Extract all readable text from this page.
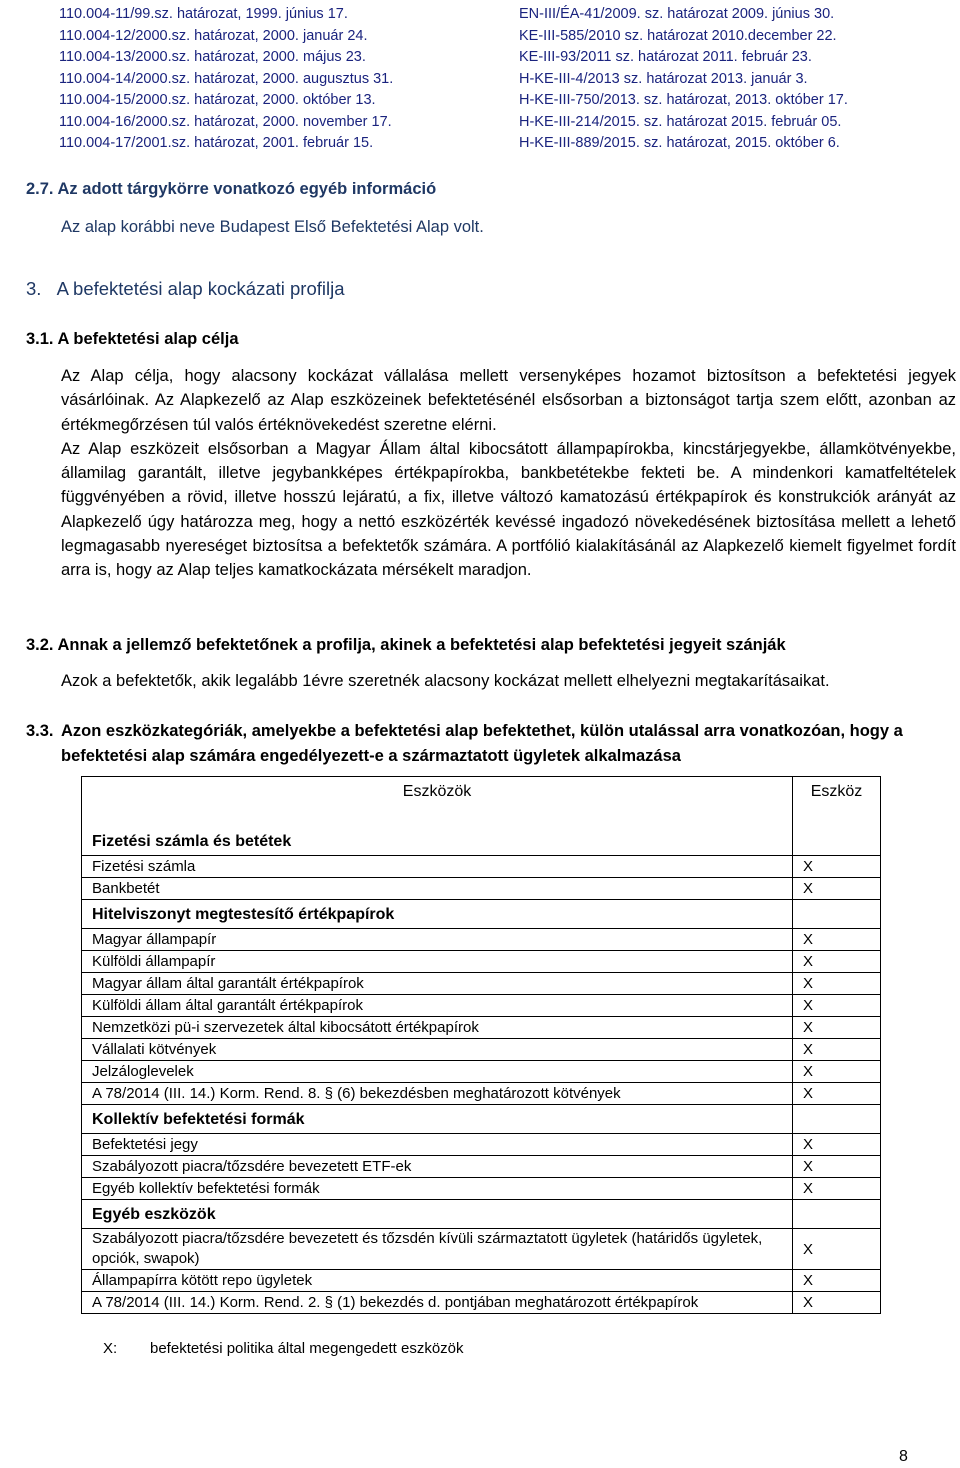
110.004-11/99.sz. határozat, 1999. június 17.
110.004-12/2000.sz. határozat, 2000. január 24.
110.004-13/2000.sz. határozat, 2000. május 23.
110.004-14/2000.sz. határozat, 2000. augusztus 31.
110.004-15/2000.sz. határozat, 2000. október 13.
110.004-16/2000.sz. határozat, 2000. november 17.
110.004-17/2001.sz. határozat, 2001. február 15.
EN-III/ÉA-41/2009. sz. határozat 2009. június 30.
KE-III-585/2010 sz. határozat 2010.december 22.
KE-III-93/2011 sz. határozat 2011. február 23.
H-KE-III-4/2013 sz. határozat 2013. január 3.
H-KE-III-750/2013. sz. határozat, 2013. október 17.
H-KE-III-214/2015. sz. határozat 2015. február 05.
H-KE-III-889/2015. sz. határozat, 2015. október 6.
2.7. Az adott tárgykörre vonatkozó egyéb információ
Az alap korábbi neve Budapest Első Befektetési Alap volt.
3. A befektetési alap kockázati profilja
3.1. A befektetési alap célja

Az Alap célja, hogy alacsony kockázat vállalása mellett versenyképes hozamot biztosítson a befektetési jegyek vásárlóinak. Az Alapkezelő az Alap eszközeinek befektetésénél elsősorban a biztonságot tartja szem előtt, azonban az értékmegőrzésen túl valós értéknövekedést szeretne elérni.

Az Alap eszközeit elsősorban a Magyar Állam által kibocsátott állampapírokba, kincstárjegyekbe, államkötvényekbe, államilag garantált, illetve jegybankképes értékpapírokba, bankbetétekbe fekteti be. A mindenkori kamatfeltételek függvényében a rövid, illetve hosszú lejáratú, a fix, illetve változó kamatozású értékpapírok és konstrukciók arányát az Alapkezelő úgy határozza meg, hogy a nettó eszközérték kevéssé ingadozó növekedésének biztosítása mellett a lehető legmagasabb nyereséget biztosítsa a befektetők számára. A portfólió kialakításánál az Alapkezelő kiemelt figyelmet fordít arra is, hogy az Alap teljes kamatkockázata mérsékelt maradjon.

3.2. Annak a jellemző befektetőnek a profilja, akinek a befektetési alap befektetési jegyeit szánják
Azok a befektetők, akik legalább 1évre szeretnék alacsony kockázat mellett elhelyezni megtakarításaikat.
3.3. Azon eszközkategóriák, amelyekbe a befektetési alap befektethet, külön utalással arra vonatkozóan, hogy a befektetési alap számára engedélyezett-e a származtatott ügyletek alkalmazása
Eszközök	Eszköz
Fizetési számla és betétek	
Fizetési számla	X
Bankbetét	X
Hitelviszonyt megtestesítő értékpapírok	
Magyar állampapír	X
Külföldi állampapír	X
Magyar állam által garantált értékpapírok	X
Külföldi állam által garantált értékpapírok	X
Nemzetközi pü-i szervezetek által kibocsátott értékpapírok	X
Vállalati kötvények	X
Jelzáloglevelek	X
A 78/2014 (III. 14.) Korm. Rend. 8. § (6) bekezdésben meghatározott kötvények	X
Kollektív befektetési formák	
Befektetési jegy	X
Szabályozott piacra/tőzsdére bevezetett ETF-ek	X
Egyéb kollektív befektetési formák	X
Egyéb eszközök	
Szabályozott piacra/tőzsdére bevezetett és tőzsdén kívüli származtatott ügyletek (határidős ügyletek, opciók, swapok)	X
Állampapírra kötött repo ügyletek	X
A 78/2014 (III. 14.) Korm. Rend. 2. § (1) bekezdés d. pontjában meghatározott értékpapírok	X
X: befektetési politika által megengedett eszközök
8
